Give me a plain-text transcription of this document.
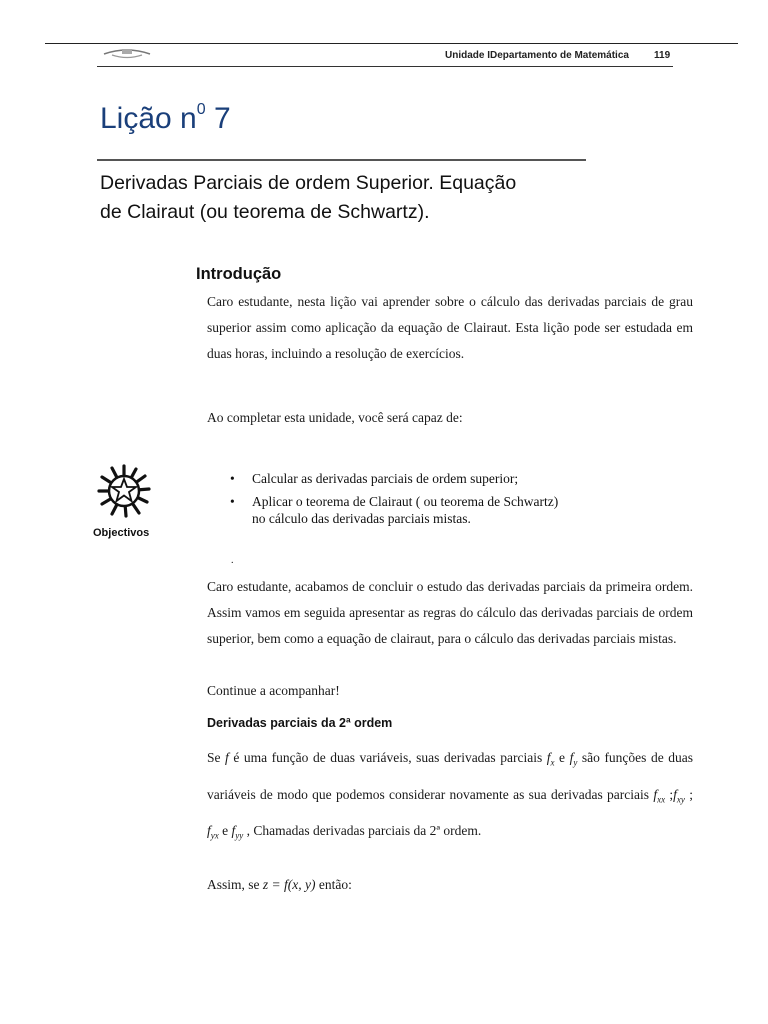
Unidade IDepartamento de Matemática	119
Lição $n^0$ 7
Derivadas Parciais de ordem Superior. Equação
de Clairaut (ou teorema de Schwartz).
Introdução
Caro estudante, nesta lição vai aprender sobre o cálculo das derivadas parciais de grau superior assim como aplicação da equação de Clairaut. Esta lição pode ser estudada em duas horas, incluindo a resolução de exercícios.
Ao completar esta unidade, você será capaz de:
Objectivos
• Calcular as derivadas parciais de ordem superior;
• Aplicar o teorema de Clairaut ( ou teorema de Schwartz)
no cálculo das derivadas parciais mistas.
.
Caro estudante, acabamos de concluir o estudo das derivadas parciais da primeira ordem. Assim vamos em seguida apresentar as regras do cálculo das derivadas parciais de ordem superior, bem como a equação de clairaut, para o cálculo das derivadas parciais mistas.
Continue a acompanhar!
Derivadas parciais da 2ª ordem
Se f é uma função de duas variáveis, suas derivadas parciais $f_x$ e $f_y$ são funções de duas variáveis de modo que podemos considerar novamente as sua derivadas parciais $f_{xx}$ $;f_{xy}$ ; $f_{yx}$ e $f_{yy}$ , Chamadas derivadas parciais da 2ª ordem.
Assim, se z = f(x, y) então:
